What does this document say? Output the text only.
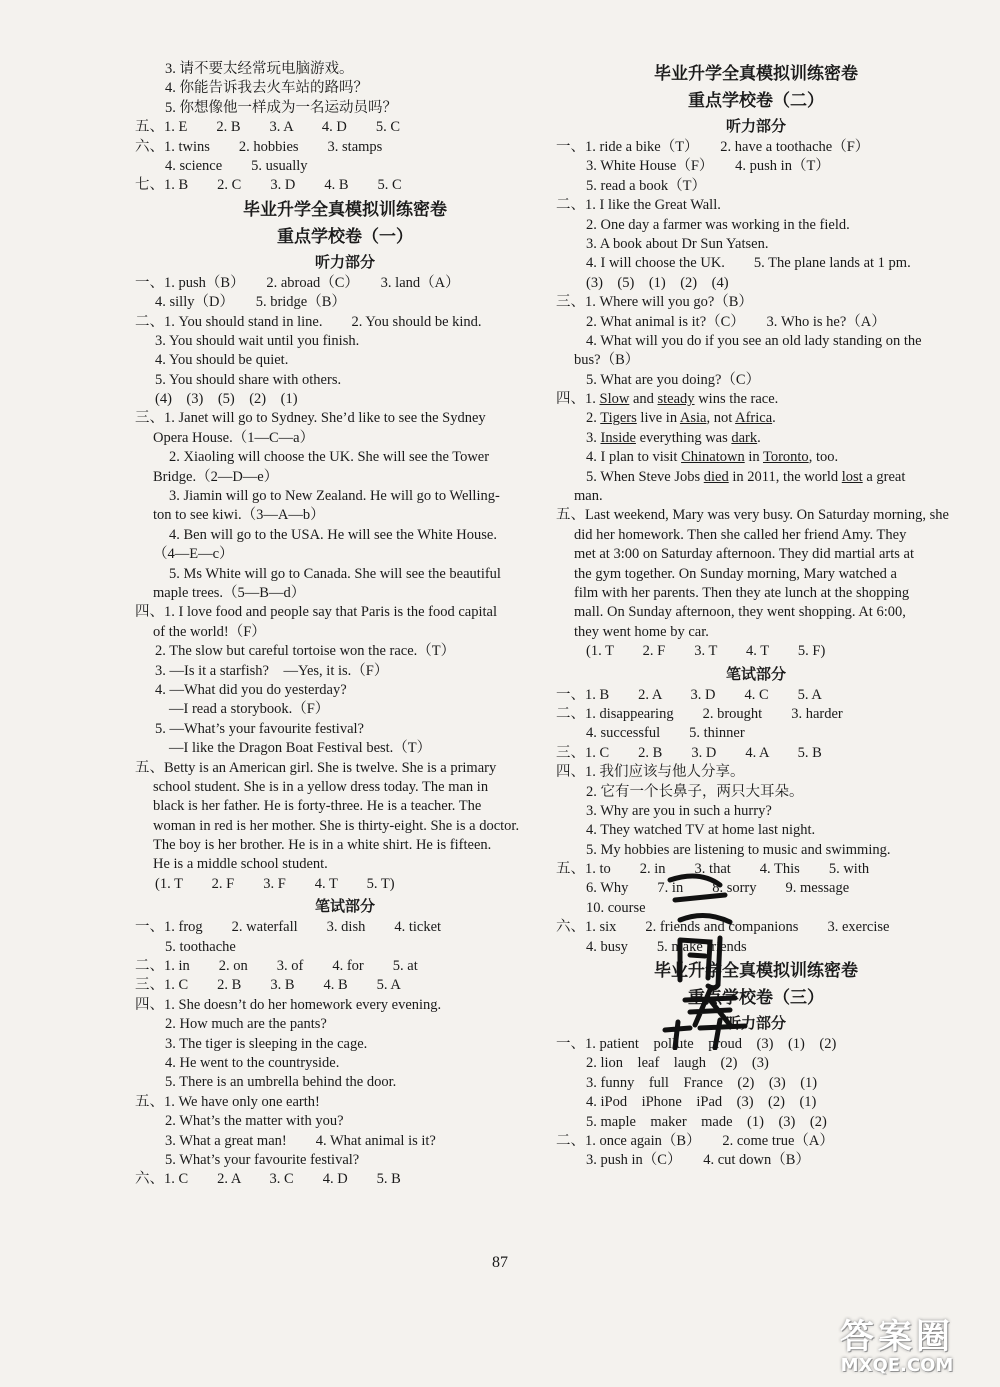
3. 请不要太经常玩电脑游戏。
4. 你能告诉我去火车站的路吗？
5. 你想像他一样成为一名运动员吗？
五、1. E　　2. B　　3. A　　4. D　　5. C
六、1. twins　　2. hobbies　　3. stamps
4. science　　5. usually
七、1. B　　2. C　　3. D　　4. B　　5. C
毕业升学全真模拟训练密卷
重点学校卷（一）
听力部分
一、1. push（B）　　2. abroad（C）　　3. land（A）
4. silly（D）　　5. bridge（B）
二、1. You should stand in line.　　2. You should be kind.
3. You should wait until you finish.
4. You should be quiet.
5. You should share with others.
(4)　(3)　(5)　(2)　(1)
三、1. Janet will go to Sydney. She’d like to see the Sydney
Opera House.（1—C—a）
2. Xiaoling will choose the UK. She will see the Tower
Bridge.（2—D—e）
3. Jiamin will go to New Zealand. He will go to Welling-
ton to see kiwi.（3—A—b）
4. Ben will go to the USA. He will see the White House.
（4—E—c）
5. Ms White will go to Canada. She will see the beautiful
maple trees.（5—B—d）
四、1. I love food and people say that Paris is the food capital
of the world!（F）
2. The slow but careful tortoise won the race.（T）
3. —Is it a starfish?　—Yes, it is.（F）
4. —What did you do yesterday?
—I read a storybook.（F）
5. —What’s your favourite festival?
—I like the Dragon Boat Festival best.（T）
五、Betty is an American girl. She is twelve. She is a primary
school student. She is in a yellow dress today. The man in
black is her father. He is forty-three. He is a teacher. The
woman in red is her mother. She is thirty-eight. She is a doctor.
The boy is her brother. He is in a white shirt. He is fifteen.
He is a middle school student.
(1. T　　2. F　　3. F　　4. T　　5. T)
笔试部分
一、1. frog　　2. waterfall　　3. dish　　4. ticket
5. toothache
二、1. in　　2. on　　3. of　　4. for　　5. at
三、1. C　　2. B　　3. B　　4. B　　5. A
四、1. She doesn’t do her homework every evening.
2. How much are the pants?
3. The tiger is sleeping in the cage.
4. He went to the countryside.
5. There is an umbrella behind the door.
五、1. We have only one earth!
2. What’s the matter with you?
3. What a great man!　　4. What animal is it?
5. What’s your favourite festival?
六、1. C　　2. A　　3. C　　4. D　　5. B
毕业升学全真模拟训练密卷
重点学校卷（二）
听力部分
一、1. ride a bike（T）　　2. have a toothache（F）
3. White House（F）　　4. push in（T）
5. read a book（T）
二、1. I like the Great Wall.
2. One day a farmer was working in the field.
3. A book about Dr Sun Yatsen.
4. I will choose the UK.　　5. The plane lands at 1 pm.
(3)　(5)　(1)　(2)　(4)
三、1. Where will you go?（B）
2. What animal is it?（C）　　3. Who is he?（A）
4. What will you do if you see an old lady standing on the
bus?（B）
5. What are you doing?（C）
四、1. Slow and steady wins the race.
2. Tigers live in Asia, not Africa.
3. Inside everything was dark.
4. I plan to visit Chinatown in Toronto, too.
5. When Steve Jobs died in 2011, the world lost a great
man.
五、Last weekend, Mary was very busy. On Saturday morning, she
did her homework. Then she called her friend Amy. They
met at 3:00 on Saturday afternoon. They did martial arts at
the gym together. On Sunday morning, Mary watched a
film with her parents. Then they ate lunch at the shopping
mall. On Sunday afternoon, they went shopping. At 6:00,
they went home by car.
(1. T　　2. F　　3. T　　4. T　　5. F)
笔试部分
一、1. B　　2. A　　3. D　　4. C　　5. A
二、1. disappearing　　2. brought　　3. harder
4. successful　　5. thinner
三、1. C　　2. B　　3. D　　4. A　　5. B
四、1. 我们应该与他人分享。
2. 它有一个长鼻子，两只大耳朵。
3. Why are you in such a hurry?
4. They watched TV at home last night.
5. My hobbies are listening to music and swimming.
五、1. to　　2. in　　3. that　　4. This　　5. with
6. Why　　7. in　　8. sorry　　9. message
10. course
六、1. six　　2. friends and companions　　3. exercise
4. busy　　5. make friends
毕业升学全真模拟训练密卷
重点学校卷（三）
听力部分
一、1. patient　pollute　proud　(3)　(1)　(2)
2. lion　leaf　laugh　(2)　(3)
3. funny　full　France　(2)　(3)　(1)
4. iPod　iPhone　iPad　(3)　(2)　(1)
5. maple　maker　made　(1)　(3)　(2)
二、1. once again（B）　　2. come true（A）
3. push in（C）　　4. cut down（B）
87
答案圈
MXQE.COM
